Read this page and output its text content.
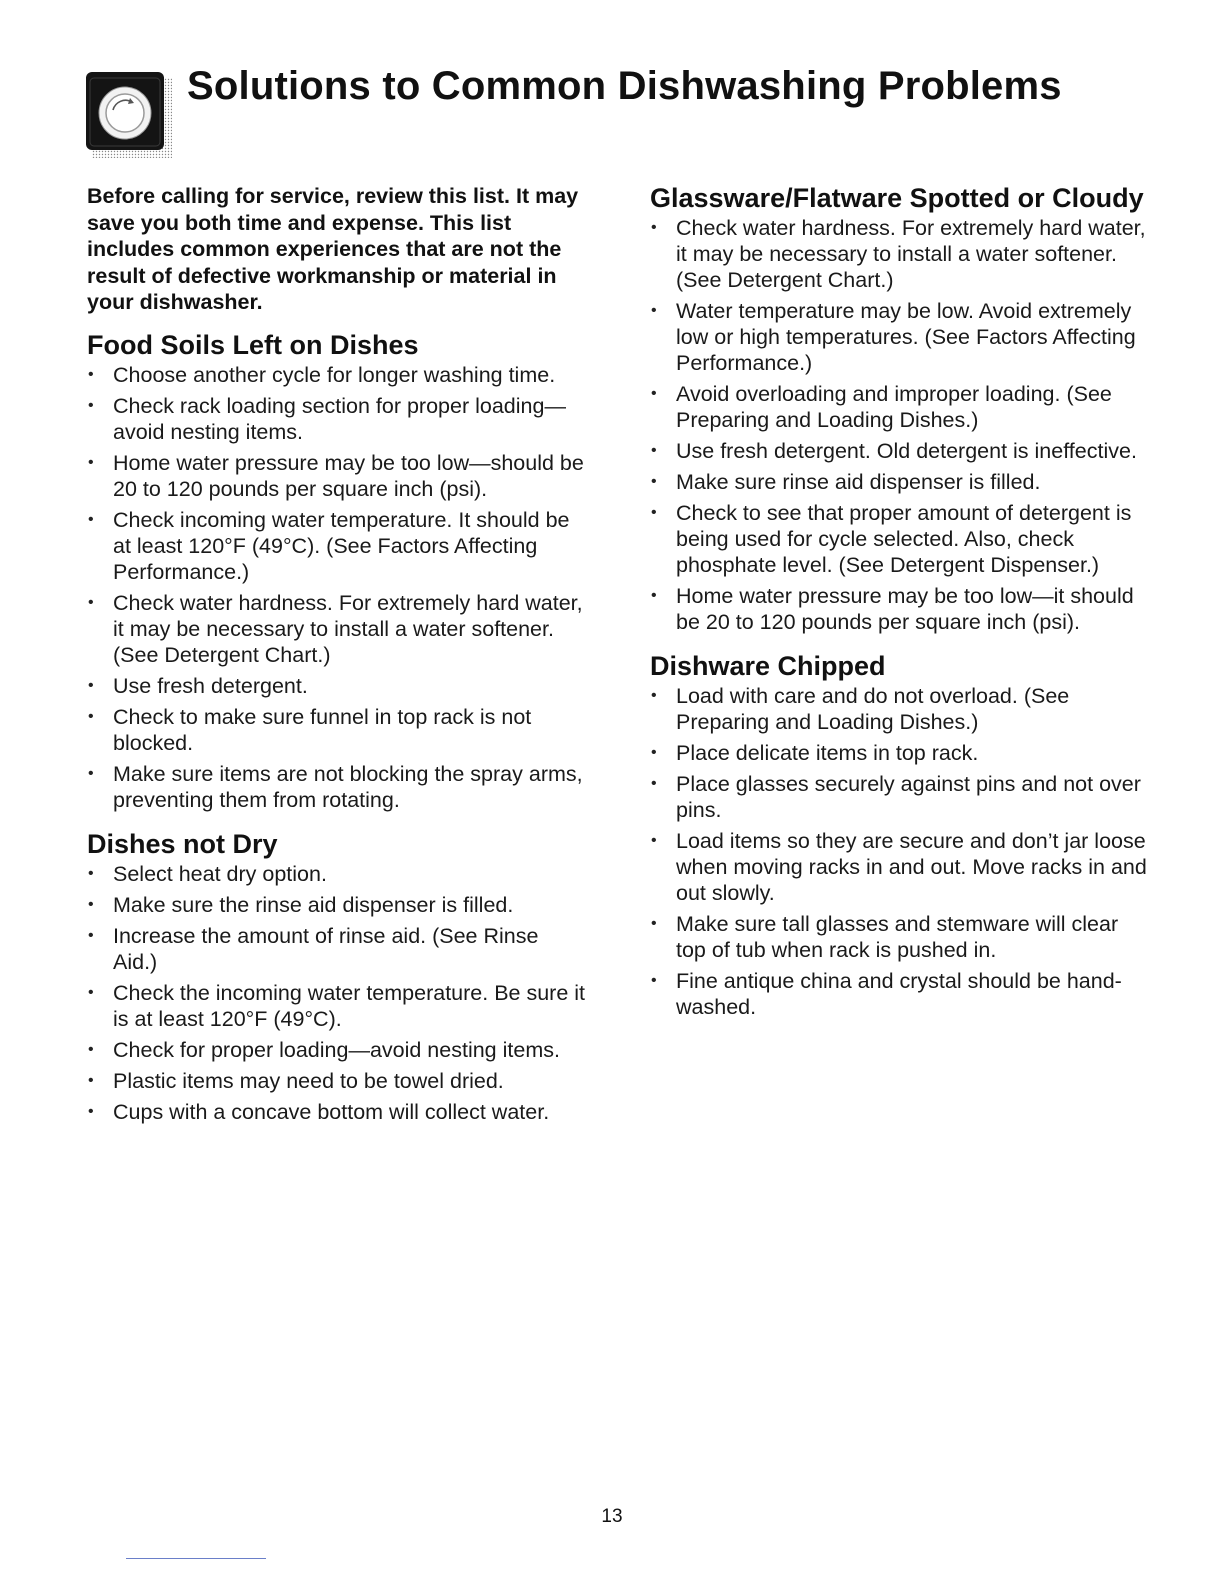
Solutions to Common Dishwashing Problems

Before calling for service, review this list. It may save you both time and expense. This list includes common experiences that are not the result of defective workmanship or material in your dishwasher.

Food Soils Left on Dishes
• Choose another cycle for longer washing time.
• Check rack loading section for proper loading—avoid nesting items.
• Home water pressure may be too low—should be 20 to 120 pounds per square inch (psi).
• Check incoming water temperature. It should be at least 120°F (49°C). (See Factors Affecting Performance.)
• Check water hardness. For extremely hard water, it may be necessary to install a water softener. (See Detergent Chart.)
• Use fresh detergent.
• Check to make sure funnel in top rack is not blocked.
• Make sure items are not blocking the spray arms, preventing them from rotating.
Dishes not Dry
• Select heat dry option.
• Make sure the rinse aid dispenser is filled.
• Increase the amount of rinse aid. (See Rinse Aid.)
• Check the incoming water temperature. Be sure it is at least 120°F (49°C).
• Check for proper loading—avoid nesting items.
• Plastic items may need to be towel dried.
• Cups with a concave bottom will collect water.
Glassware/Flatware Spotted or Cloudy
• Check water hardness. For extremely hard water, it may be necessary to install a water softener. (See Detergent Chart.)
• Water temperature may be low. Avoid extremely low or high temperatures. (See Factors Affecting Performance.)
• Avoid overloading and improper loading. (See Preparing and Loading Dishes.)
• Use fresh detergent. Old detergent is ineffective.
• Make sure rinse aid dispenser is filled.
• Check to see that proper amount of detergent is being used for cycle selected. Also, check phosphate level. (See Detergent Dispenser.)
• Home water pressure may be too low—it should be 20 to 120 pounds per square inch (psi).
Dishware Chipped
• Load with care and do not overload. (See Preparing and Loading Dishes.)
• Place delicate items in top rack.
• Place glasses securely against pins and not over pins.
• Load items so they are secure and don’t jar loose when moving racks in and out. Move racks in and out slowly.
• Make sure tall glasses and stemware will clear top of tub when rack is pushed in.
• Fine antique china and crystal should be hand-washed.
13
